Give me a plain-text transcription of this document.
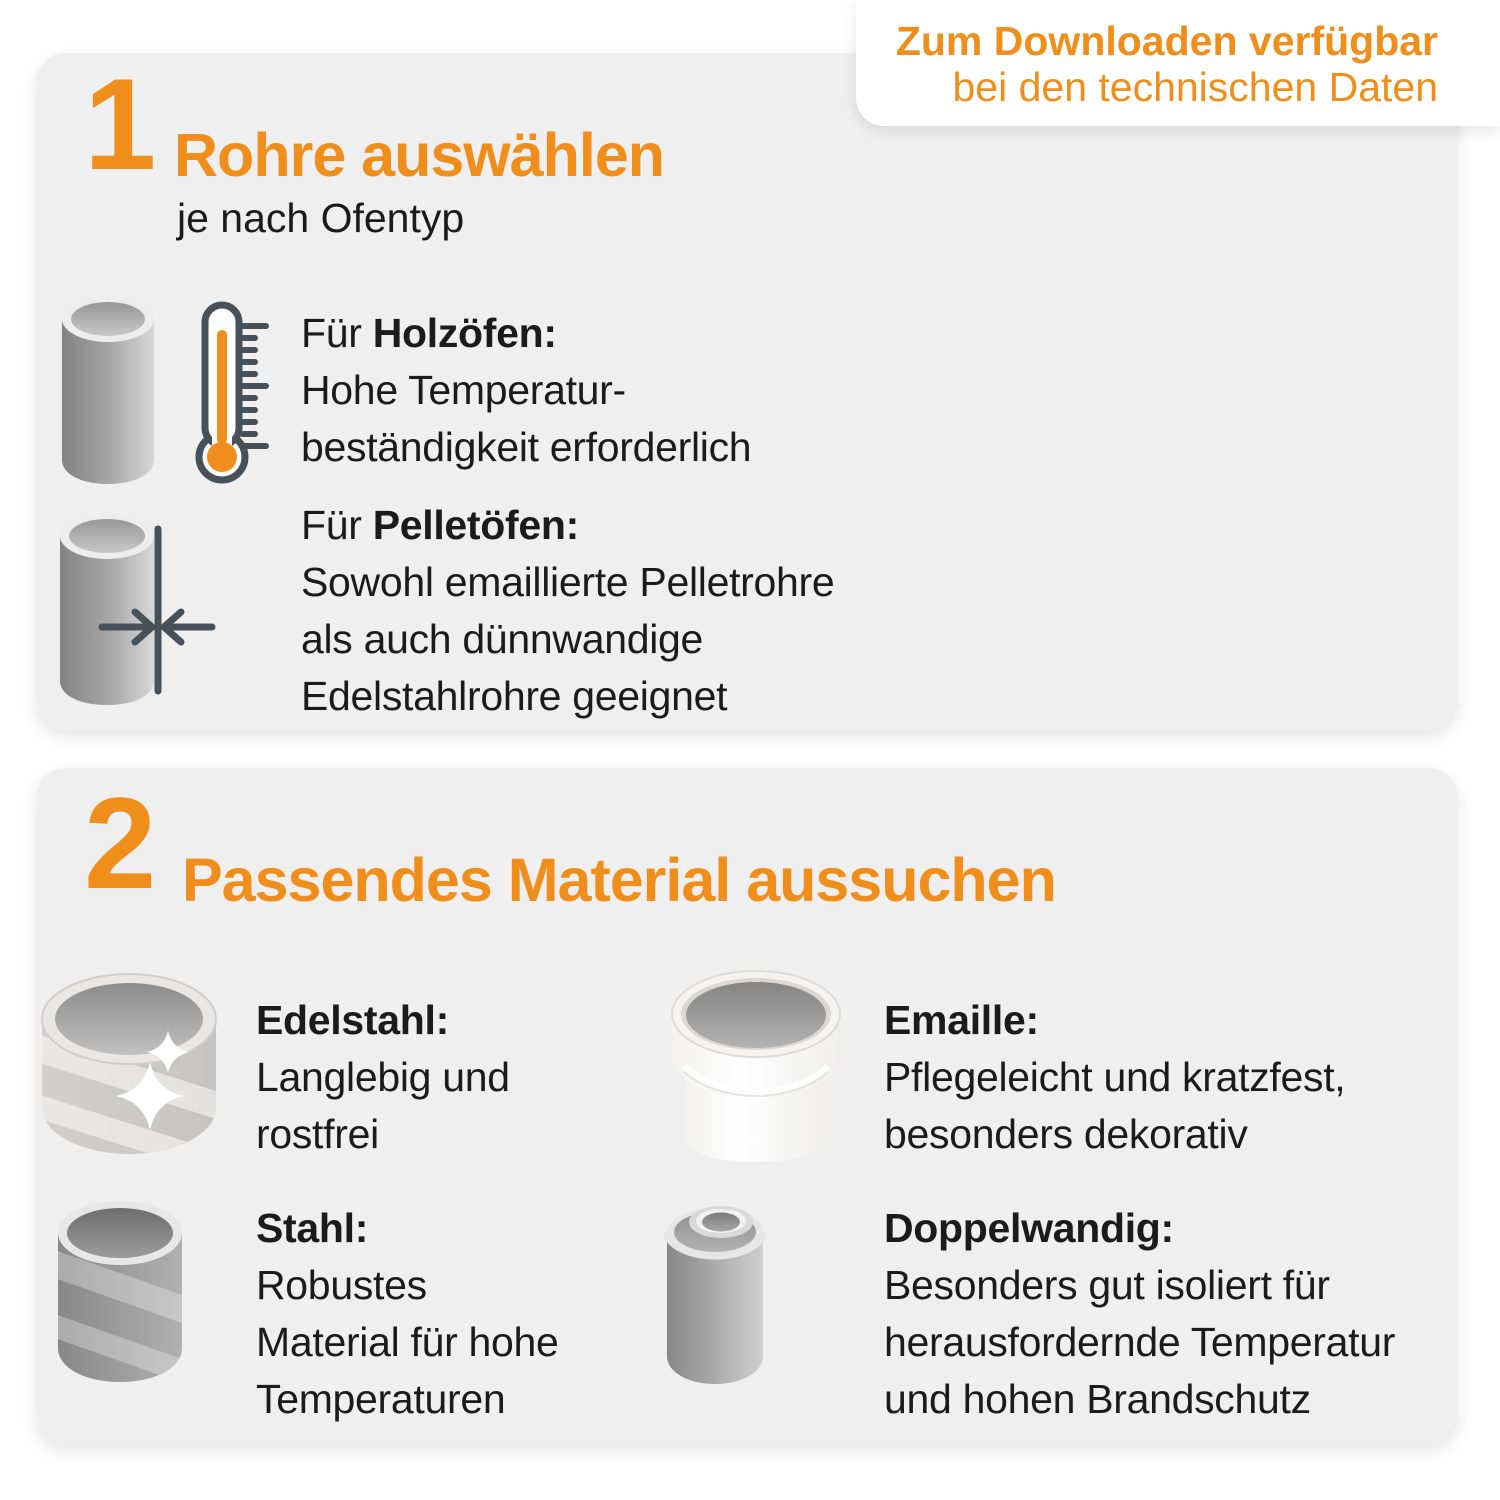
1 Rohre auswählen
je nach Ofentyp
Für Holzöfen:
Hohe Temperatur-
beständigkeit erforderlich
Für Pelletöfen:
Sowohl emaillierte Pelletrohre
als auch dünnwandige
Edelstahlrohre geeignet
2 Passendes Material aussuchen
Edelstahl:
Langlebig und
rostfrei
Emaille:
Pflegeleicht und kratzfest,
besonders dekorativ
Stahl:
Robustes
Material für hohe
Temperaturen
Doppelwandig:
Besonders gut isoliert für
herausfordernde Temperatur
und hohen Brandschutz
Zum Downloaden verfügbar
bei den technischen Daten
